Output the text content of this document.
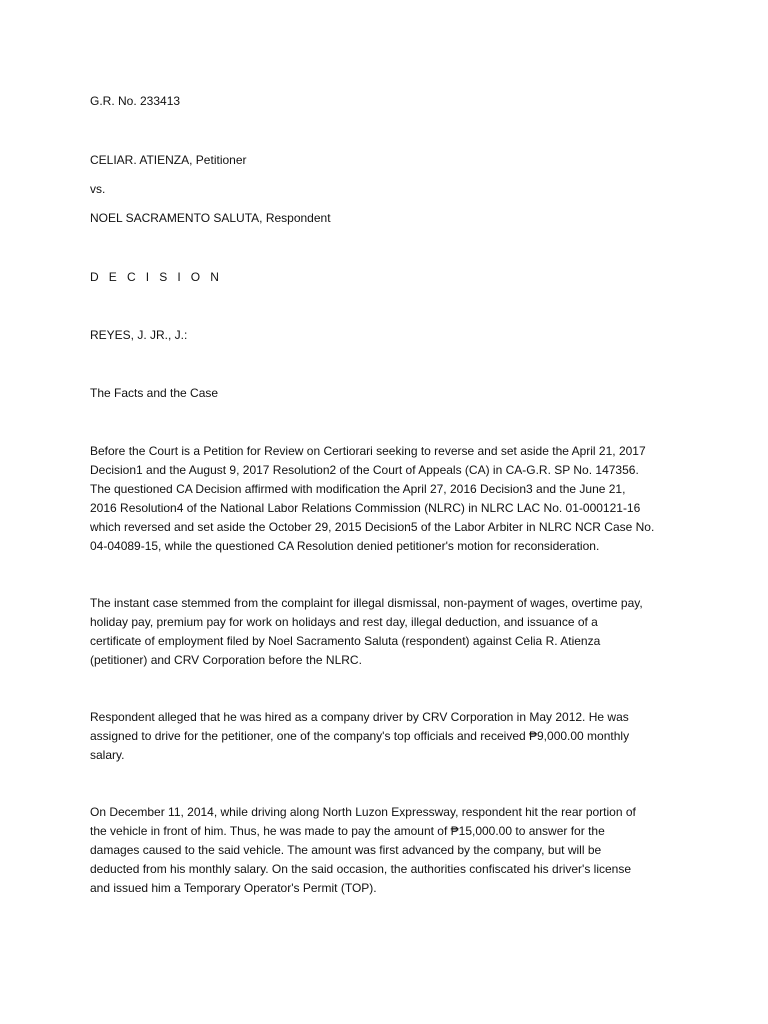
G.R. No. 233413

CELIAR. ATIENZA, Petitioner

vs.

NOEL SACRAMENTO SALUTA, Respondent

D E C I S I O N

REYES, J. JR., J.:

The Facts and the Case

Before the Court is a Petition for Review on Certiorari seeking to reverse and set aside the April 21, 2017
Decision1 and the August 9, 2017 Resolution2 of the Court of Appeals (CA) in CA-G.R. SP No. 147356.
The questioned CA Decision affirmed with modification the April 27, 2016 Decision3 and the June 21,
2016 Resolution4 of the National Labor Relations Commission (NLRC) in NLRC LAC No. 01-000121-16
which reversed and set aside the October 29, 2015 Decision5 of the Labor Arbiter in NLRC NCR Case No.
04-04089-15, while the questioned CA Resolution denied petitioner's motion for reconsideration.
The instant case stemmed from the complaint for illegal dismissal, non-payment of wages, overtime pay,
holiday pay, premium pay for work on holidays and rest day, illegal deduction, and issuance of a
certificate of employment filed by Noel Sacramento Saluta (respondent) against Celia R. Atienza
(petitioner) and CRV Corporation before the NLRC.
Respondent alleged that he was hired as a company driver by CRV Corporation in May 2012. He was
assigned to drive for the petitioner, one of the company's top officials and received ₱9,000.00 monthly
salary.
On December 11, 2014, while driving along North Luzon Expressway, respondent hit the rear portion of
the vehicle in front of him. Thus, he was made to pay the amount of ₱15,000.00 to answer for the
damages caused to the said vehicle. The amount was first advanced by the company, but will be
deducted from his monthly salary. On the said occasion, the authorities confiscated his driver's license
and issued him a Temporary Operator's Permit (TOP).
